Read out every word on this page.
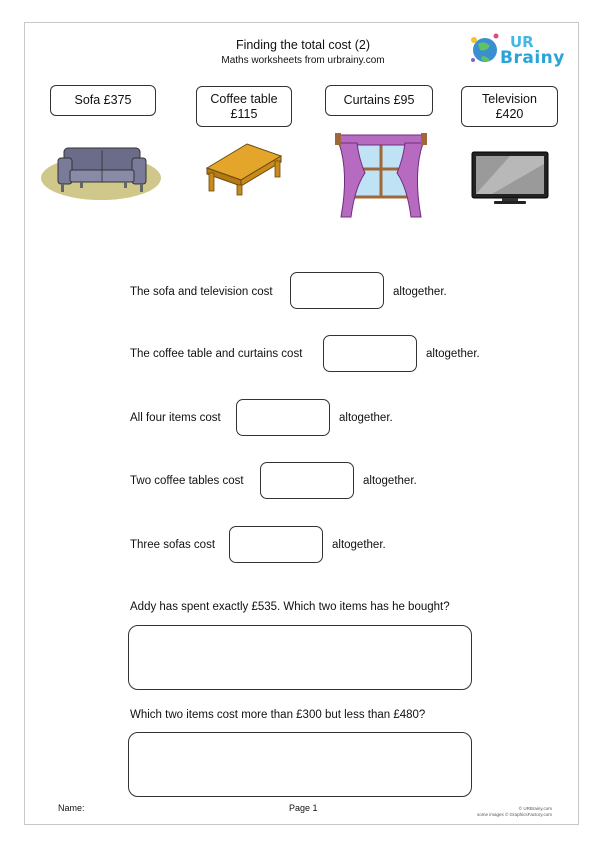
Finding the total cost (2)
Maths worksheets from urbrainy.com
UR
Brainy
Sofa £375	Coffee table
£115
Curtains £95	Television
£420
The sofa and television cost	altogether.
The coffee table and curtains cost	altogether.
All four items cost	altogether.
Two coffee tables cost	altogether.
Three sofas cost	altogether.
Addy has spent exactly £535. Which two items has he bought?
Which two items cost more than £300 but less than £480?
Name:	Page 1	© URBrainy.com
some images © GraphicsFactory.com
